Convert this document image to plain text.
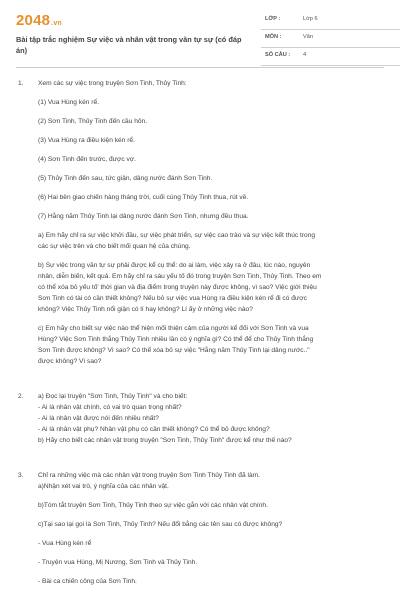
2048.vn
Bài tập trắc nghiệm Sự việc và nhân vật trong văn tự sự (có đáp án)
LỚP :	Lớp 6
MÔN :	Văn
SỐ CÂU : 4
1. Xem các sự việc trong truyện Sơn Tinh, Thủy Tinh:
(1) Vua Hùng kén rể.
(2) Sơn Tinh, Thủy Tinh đến cầu hôn.
(3) Vua Hùng ra điều kiện kén rể.
(4) Sơn Tinh đến trước, được vợ.
(5) Thủy Tinh đến sau, tức giận, dâng nước đánh Sơn Tinh.
(6) Hai bên giao chiến hàng tháng trời, cuối cùng Thủy Tinh thua, rút về.
(7) Hằng năm Thủy Tinh lại dâng nước đánh Sơn Tinh, nhưng đều thua.
a) Em hãy chỉ ra sự việc khởi đầu, sự việc phát triển, sự việc cao trào và sự việc kết thúc trong
các sự việc trên và cho biết mối quan hệ của chúng.
b) Sự việc trong văn tự sự phải được kể cụ thể: do ai làm, việc xảy ra ở đâu, lúc nào, nguyên
nhân, diễn biến, kết quả. Em hãy chỉ ra sáu yếu tố đó trong truyện Sơn Tinh, Thủy Tinh. Theo em
có thể xóa bỏ yếu tố' thời gian và địa điểm trong truyện này được không, vì sao? Việc giới thiệu
Sơn Tinh có tài có cần thiết không? Nếu bỏ sự việc vua Hùng ra điều kiện kén rể đi có được
không? Việc Thủy Tinh nổi giận có lí hay không? Lí ấy ở những việc nào?
c) Em hãy cho biết sự việc nào thể hiện mối thiện cảm của người kể đối với Sơn Tinh và vua
Hùng? Việc Sơn Tinh thắng Thủy Tinh nhiều lần có ý nghĩa gì? Có thể để cho Thủy Tinh thắng
Sơn Tinh được không? Vì sao? Có thể xóa bỏ sự việc "Hằng năm Thủy Tinh lại dâng nước.."
được không? Vì sao?
2. a) Đọc lại truyện "Sơn Tinh, Thủy Tinh" và cho biết:
- Ai là nhân vật chính, có vai trò quan trọng nhất?
- Ai là nhân vật được nói đến nhiều nhất?
- Ai là nhân vật phụ? Nhân vật phụ có cần thiết không? Có thể bỏ được không?
b) Hãy cho biết các nhân vật trong truyện "Sơn Tinh, Thủy Tinh" được kể như thế nào?
3. Chỉ ra những việc mà các nhân vật trong truyện Sơn Tinh Thủy Tinh đã làm.
a)Nhận xét vai trò, ý nghĩa của các nhân vật.
b)Tóm tắt truyện Sơn Tinh, Thủy Tinh theo sự việc gắn với các nhân vật chính.
c)Tại sao lại gọi là Sơn Tinh, Thủy Tinh? Nếu đổi bằng các tên sau có được không?
- Vua Hùng kén rể
- Truyện vua Hùng, Mị Nương, Sơn Tinh và Thủy Tinh.
- Bài ca chiến công của Sơn Tinh.
